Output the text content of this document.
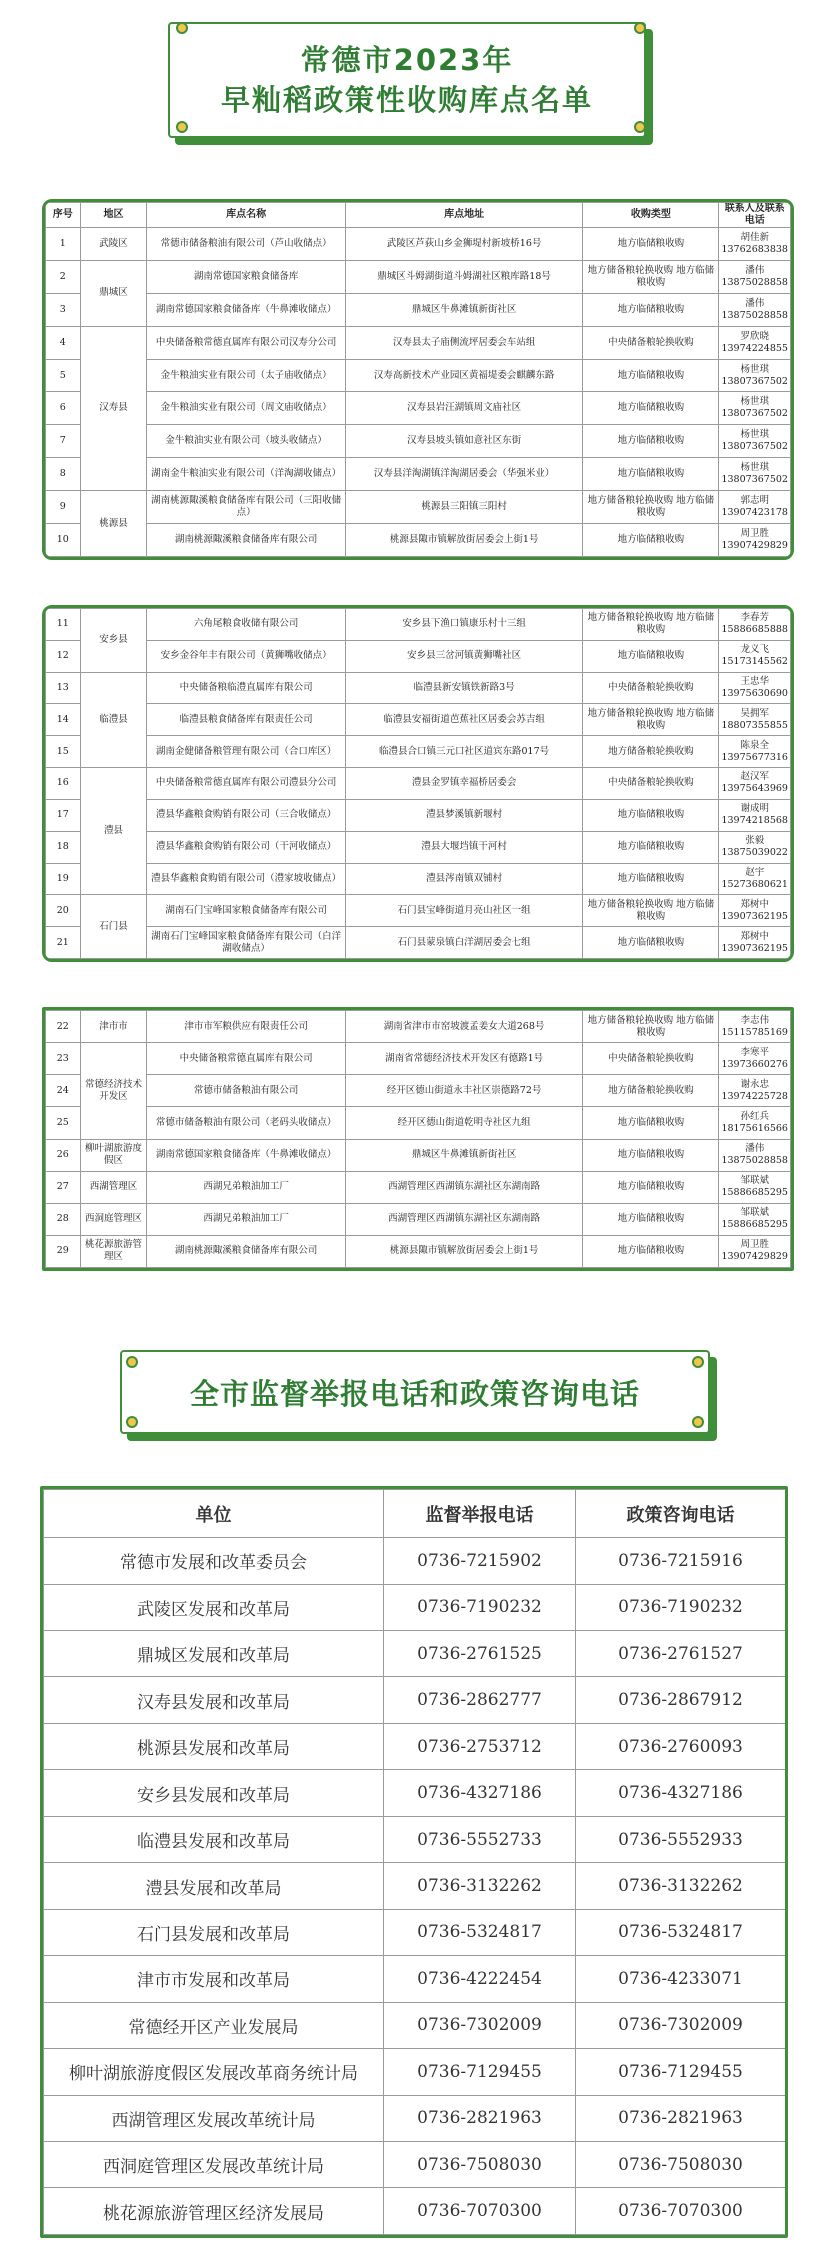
常德市2023年
早籼稻政策性收购库点名单
序号	地区	库点名称	库点地址	收购类型	联系人及联系电话
1	武陵区	常德市储备粮油有限公司（芦山收储点）	武陵区芦荻山乡金狮堤村新坡桥16号	地方临储粮收购	胡佳新 13762683838
2	鼎城区	湖南常德国家粮食储备库	鼎城区斗姆湖街道斗姆湖社区粮库路18号	地方储备粮轮换收购 地方临储粮收购	潘伟 13875028858
3		湖南常德国家粮食储备库（牛鼻滩收储点）	鼎城区牛鼻滩镇新街社区	地方临储粮收购	潘伟 13875028858
4	汉寿县	中央储备粮常德直属库有限公司汉寿分公司	汉寿县太子庙侧流坪居委会车站组	中央储备粮轮换收购	罗欣晓 13974224855
5		金牛粮油实业有限公司（太子庙收储点）	汉寿高新技术产业园区黄福堤委会麒麟东路	地方临储粮收购	杨世琪 13807367502
6		金牛粮油实业有限公司（周文庙收储点）	汉寿县岩汪湖镇周文庙社区	地方临储粮收购	杨世琪 13807367502
7		金牛粮油实业有限公司（坡头收储点）	汉寿县坡头镇如意社区东街	地方临储粮收购	杨世琪 13807367502
8		湖南金牛粮油实业有限公司（洋淘湖收储点）	汉寿县洋淘湖镇洋淘湖居委会（华强米业）	地方临储粮收购	杨世琪 13807367502
9	桃源县	湖南桃源陬溪粮食储备库有限公司（三阳收储点）	桃源县三阳镇三阳村	地方储备粮轮换收购 地方临储粮收购	郭志明 13907423178
10		湖南桃源陬溪粮食储备库有限公司	桃源县陬市镇解放街居委会上街1号	地方临储粮收购	周卫胜 13907429829
11	安乡县	六角尾粮食收储有限公司	安乡县下渔口镇康乐村十三组	地方储备粮轮换收购 地方临储粮收购	李春芳 15886685888
12		安乡金谷年丰有限公司（黄狮嘴收储点）	安乡县三岔河镇黄狮嘴社区	地方临储粮收购	龙义飞 15173145562
13	临澧县	中央储备粮临澧直属库有限公司	临澧县新安镇铁新路3号	中央储备粮轮换收购	王忠华 13975630690
14		临澧县粮食储备库有限责任公司	临澧县安福街道芭蕉社区居委会苏吉组	地方储备粮轮换收购 地方临储粮收购	吴拥军 18807355855
15		湖南金健储备粮管理有限公司（合口库区）	临澧县合口镇三元口社区道宾东路017号	地方储备粮轮换收购	陈泉全 13975677316
16	澧县	中央储备粮常德直属库有限公司澧县分公司	澧县金罗镇幸福桥居委会	中央储备粮轮换收购	赵汉军 13975643969
17		澧县华鑫粮食购销有限公司（三合收储点）	澧县梦溪镇新堰村	地方临储粮收购	谢成明 13974218568
18		澧县华鑫粮食购销有限公司（干河收储点）	澧县大堰垱镇干河村	地方临储粮收购	张毅 13875039022
19		澧县华鑫粮食购销有限公司（澧家坡收储点）	澧县涔南镇双铺村	地方临储粮收购	赵宇 15273680621
20	石门县	湖南石门宝峰国家粮食储备库有限公司	石门县宝峰街道月亮山社区一组	地方储备粮轮换收购 地方临储粮收购	郑树中 13907362195
21		湖南石门宝峰国家粮食储备库有限公司（白洋湖收储点）	石门县蒙泉镇白洋湖居委会七组	地方临储粮收购	郑树中 13907362195
22	津市市	津市市军粮供应有限责任公司	湖南省津市市窑坡渡孟姜女大道268号	地方储备粮轮换收购 地方临储粮收购	李志伟 15115785169
23	常德经济技术开发区	中央储备粮常德直属库有限公司	湖南省常德经济技术开发区有德路1号	中央储备粮轮换收购	李寒平 13973660276
24		常德市储备粮油有限公司	经开区德山街道永丰社区崇德路72号	地方储备粮轮换收购	谢永忠 13974225728
25		常德市储备粮油有限公司（老码头收储点）	经开区德山街道乾明寺社区九组	地方临储粮收购	孙红兵 18175616566
26	柳叶湖旅游度假区	湖南常德国家粮食储备库（牛鼻滩收储点）	鼎城区牛鼻滩镇新街社区	地方临储粮收购	潘伟 13875028858
27	西湖管理区	西湖兄弟粮油加工厂	西湖管理区西湖镇东湖社区东湖南路	地方临储粮收购	邹联斌 15886685295
28	西洞庭管理区	西湖兄弟粮油加工厂	西湖管理区西湖镇东湖社区东湖南路	地方临储粮收购	邹联斌 15886685295
29	桃花源旅游管理区	湖南桃源陬溪粮食储备库有限公司	桃源县陬市镇解放街居委会上街1号	地方临储粮收购	周卫胜 13907429829
全市监督举报电话和政策咨询电话
单位	监督举报电话	政策咨询电话
常德市发展和改革委员会	0736-7215902	0736-7215916
武陵区发展和改革局	0736-7190232	0736-7190232
鼎城区发展和改革局	0736-2761525	0736-2761527
汉寿县发展和改革局	0736-2862777	0736-2867912
桃源县发展和改革局	0736-2753712	0736-2760093
安乡县发展和改革局	0736-4327186	0736-4327186
临澧县发展和改革局	0736-5552733	0736-5552933
澧县发展和改革局	0736-3132262	0736-3132262
石门县发展和改革局	0736-5324817	0736-5324817
津市市发展和改革局	0736-4222454	0736-4233071
常德经开区产业发展局	0736-7302009	0736-7302009
柳叶湖旅游度假区发展改革商务统计局	0736-7129455	0736-7129455
西湖管理区发展改革统计局	0736-2821963	0736-2821963
西洞庭管理区发展改革统计局	0736-7508030	0736-7508030
桃花源旅游管理区经济发展局	0736-7070300	0736-7070300
